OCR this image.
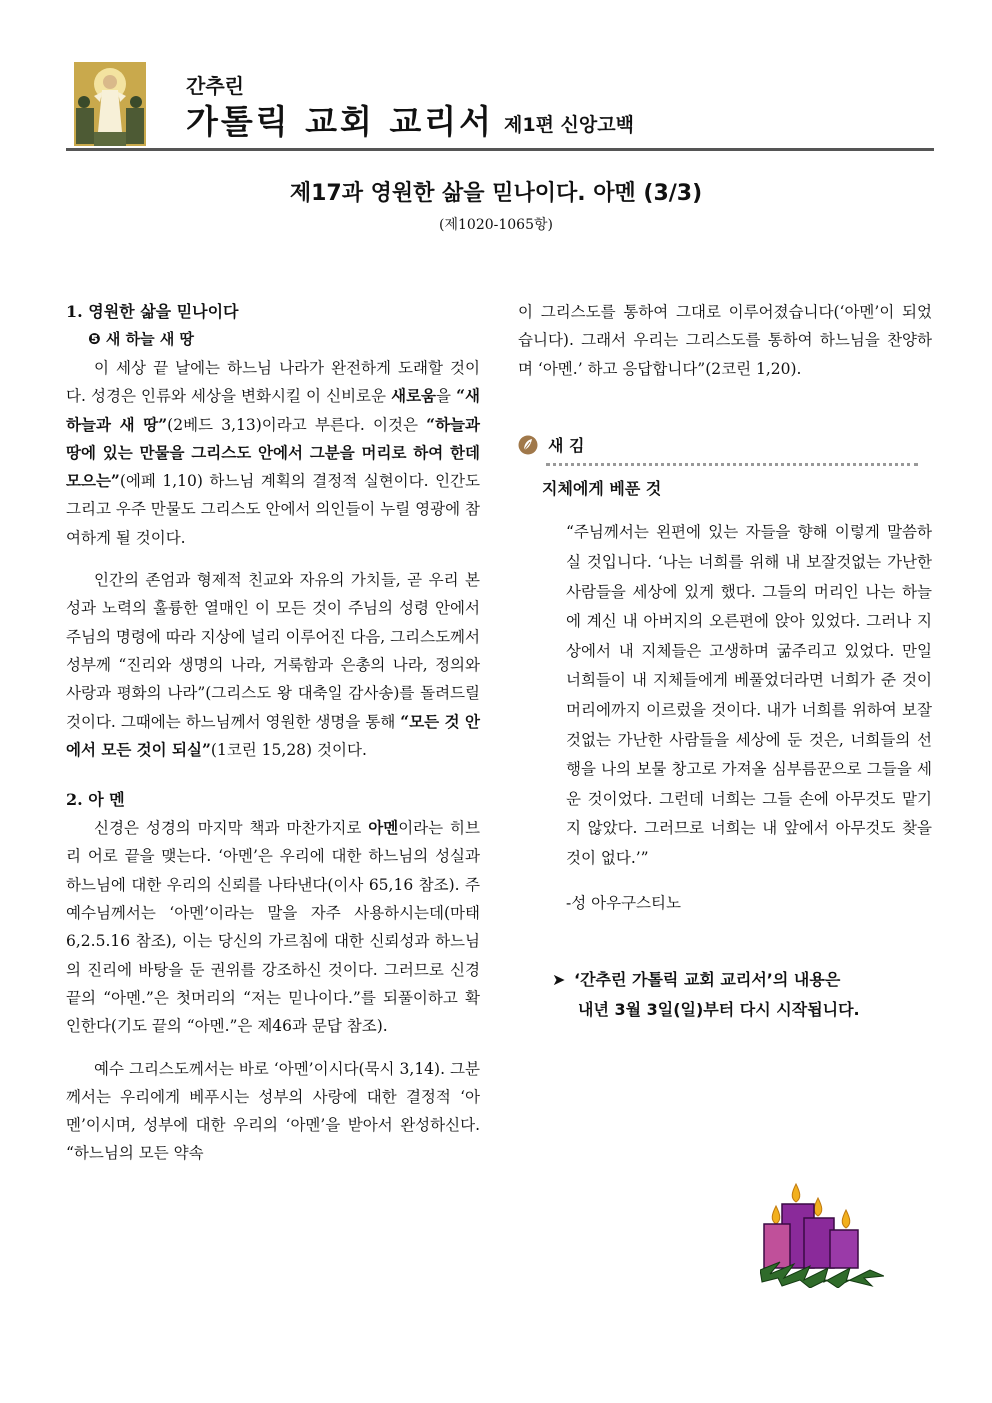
간추린
가톨릭 교회 교리서 제1편 신앙고백
제17과 영원한 삶을 믿나이다. 아멘 (3/3)
(제1020-1065항)

1. 영원한 삶을 믿나이다

❺ 새 하늘 새 땅

이 세상 끝 날에는 하느님 나라가 완전하게 도래할 것이다. 성경은 인류와 세상을 변화시킬 이 신비로운 새로움을 “새 하늘과 새 땅”(2베드 3,13)이라고 부른다. 이것은 “하늘과 땅에 있는 만물을 그리스도 안에서 그분을 머리로 하여 한데 모으는”(에페 1,10) 하느님 계획의 결정적 실현이다. 인간도 그리고 우주 만물도 그리스도 안에서 의인들이 누릴 영광에 참여하게 될 것이다.

인간의 존엄과 형제적 친교와 자유의 가치들, 곧 우리 본성과 노력의 훌륭한 열매인 이 모든 것이 주님의 성령 안에서 주님의 명령에 따라 지상에 널리 이루어진 다음, 그리스도께서 성부께 “진리와 생명의 나라, 거룩함과 은총의 나라, 정의와 사랑과 평화의 나라”(그리스도 왕 대축일 감사송)를 돌려드릴 것이다. 그때에는 하느님께서 영원한 생명을 통해 “모든 것 안에서 모든 것이 되실”(1코린 15,28) 것이다.

2. 아 멘

신경은 성경의 마지막 책과 마찬가지로 아멘이라는 히브리 어로 끝을 맺는다. ‘아멘’은 우리에 대한 하느님의 성실과 하느님에 대한 우리의 신뢰를 나타낸다(이사 65,16 참조). 주 예수님께서는 ‘아멘’이라는 말을 자주 사용하시는데(마태 6,2.5.16 참조), 이는 당신의 가르침에 대한 신뢰성과 하느님의 진리에 바탕을 둔 권위를 강조하신 것이다. 그러므로 신경 끝의 “아멘.”은 첫머리의 “저는 믿나이다.”를 되풀이하고 확인한다(기도 끝의 “아멘.”은 제46과 문답 참조).

예수 그리스도께서는 바로 ‘아멘’이시다(묵시 3,14). 그분께서는 우리에게 베푸시는 성부의 사랑에 대한 결정적 ‘아멘’이시며, 성부에 대한 우리의 ‘아멘’을 받아서 완성하신다. “하느님의 모든 약속

이 그리스도를 통하여 그대로 이루어졌습니다(‘아멘’이 되었습니다). 그래서 우리는 그리스도를 통하여 하느님을 찬양하며 ‘아멘.’ 하고 응답합니다”(2코린 1,20).

새 김

지체에게 베푼 것

“주님께서는 왼편에 있는 자들을 향해 이렇게 말씀하실 것입니다. ‘나는 너희를 위해 내 보잘것없는 가난한 사람들을 세상에 있게 했다. 그들의 머리인 나는 하늘에 계신 내 아버지의 오른편에 앉아 있었다. 그러나 지상에서 내 지체들은 고생하며 굶주리고 있었다. 만일 너희들이 내 지체들에게 베풀었더라면 너희가 준 것이 머리에까지 이르렀을 것이다. 내가 너희를 위하여 보잘것없는 가난한 사람들을 세상에 둔 것은, 너희들의 선행을 나의 보물 창고로 가져올 심부름꾼으로 그들을 세운 것이었다. 그런데 너희는 그들 손에 아무것도 맡기지 않았다. 그러므로 너희는 내 앞에서 아무것도 찾을 것이 없다.’”

-성 아우구스티노

➤ ‘간추린 가톨릭 교회 교리서’의 내용은
내년 3월 3일(일)부터 다시 시작됩니다.
